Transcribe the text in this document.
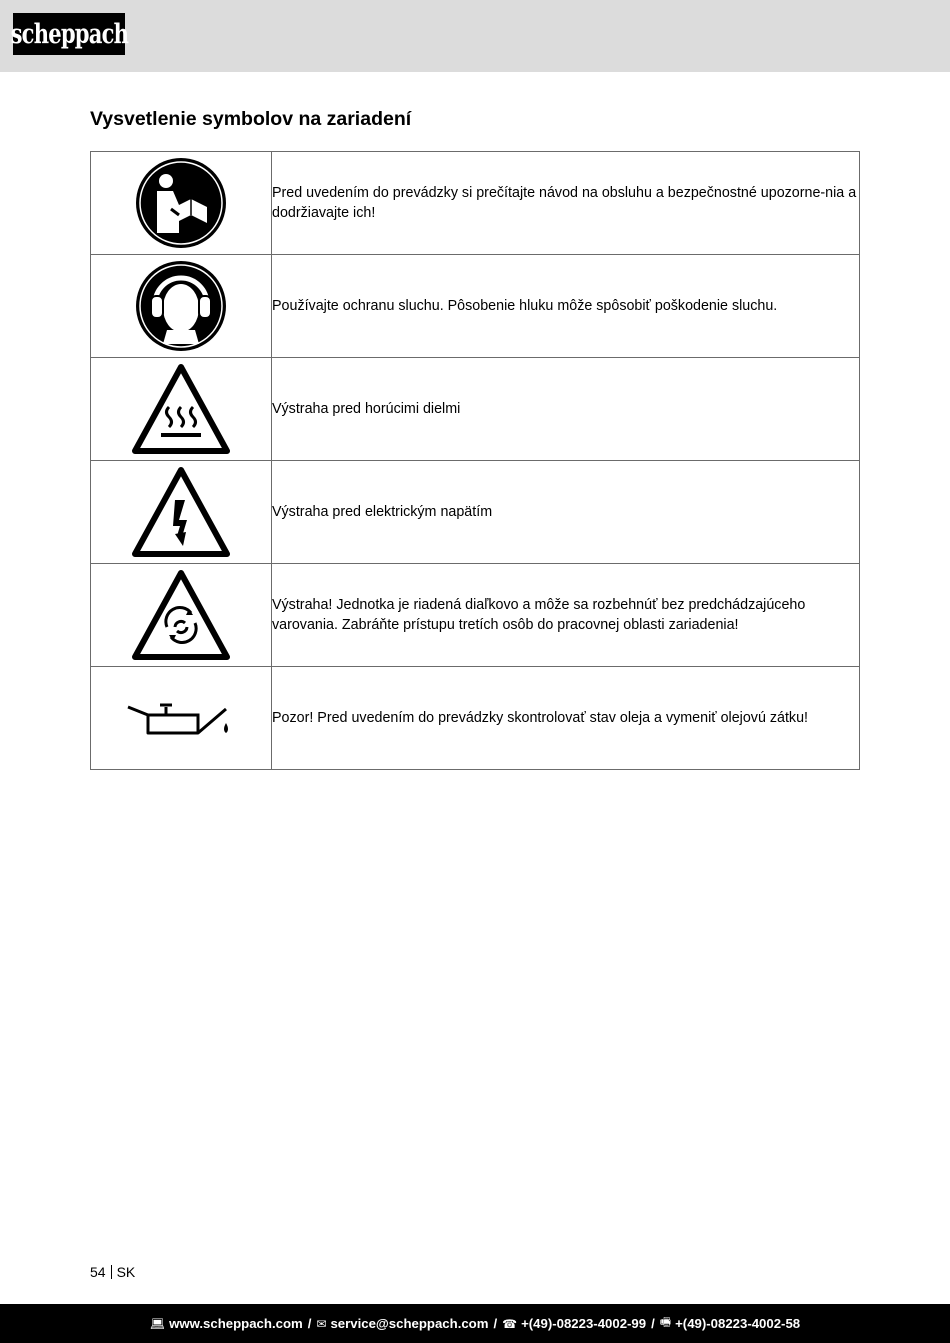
scheppach
Vysvetlenie symbolov na zariadení
	Pred uvedením do prevádzky si prečítajte návod na obsluhu a bezpečnostné upozorne-nia a dodržiavajte ich!

	Používajte ochranu sluchu. Pôsobenie hluku môže spôsobiť poškodenie sluchu.

	Výstraha pred horúcimi dielmi

	Výstraha pred elektrickým napätím

	Výstraha! Jednotka je riadená diaľkovo a môže sa rozbehnúť bez predchádzajúceho varovania. Zabráňte prístupu tretích osôb do pracovnej oblasti zariadenia!

	Pozor! Pred uvedením do prevádzky skontrolovať stav oleja a vymeniť olejovú zátku!
54 SK
💻︎ www.scheppach.com / ✉ service@scheppach.com / ☎ +(49)-08223-4002-99 / 🖷︎ +(49)-08223-4002-58
